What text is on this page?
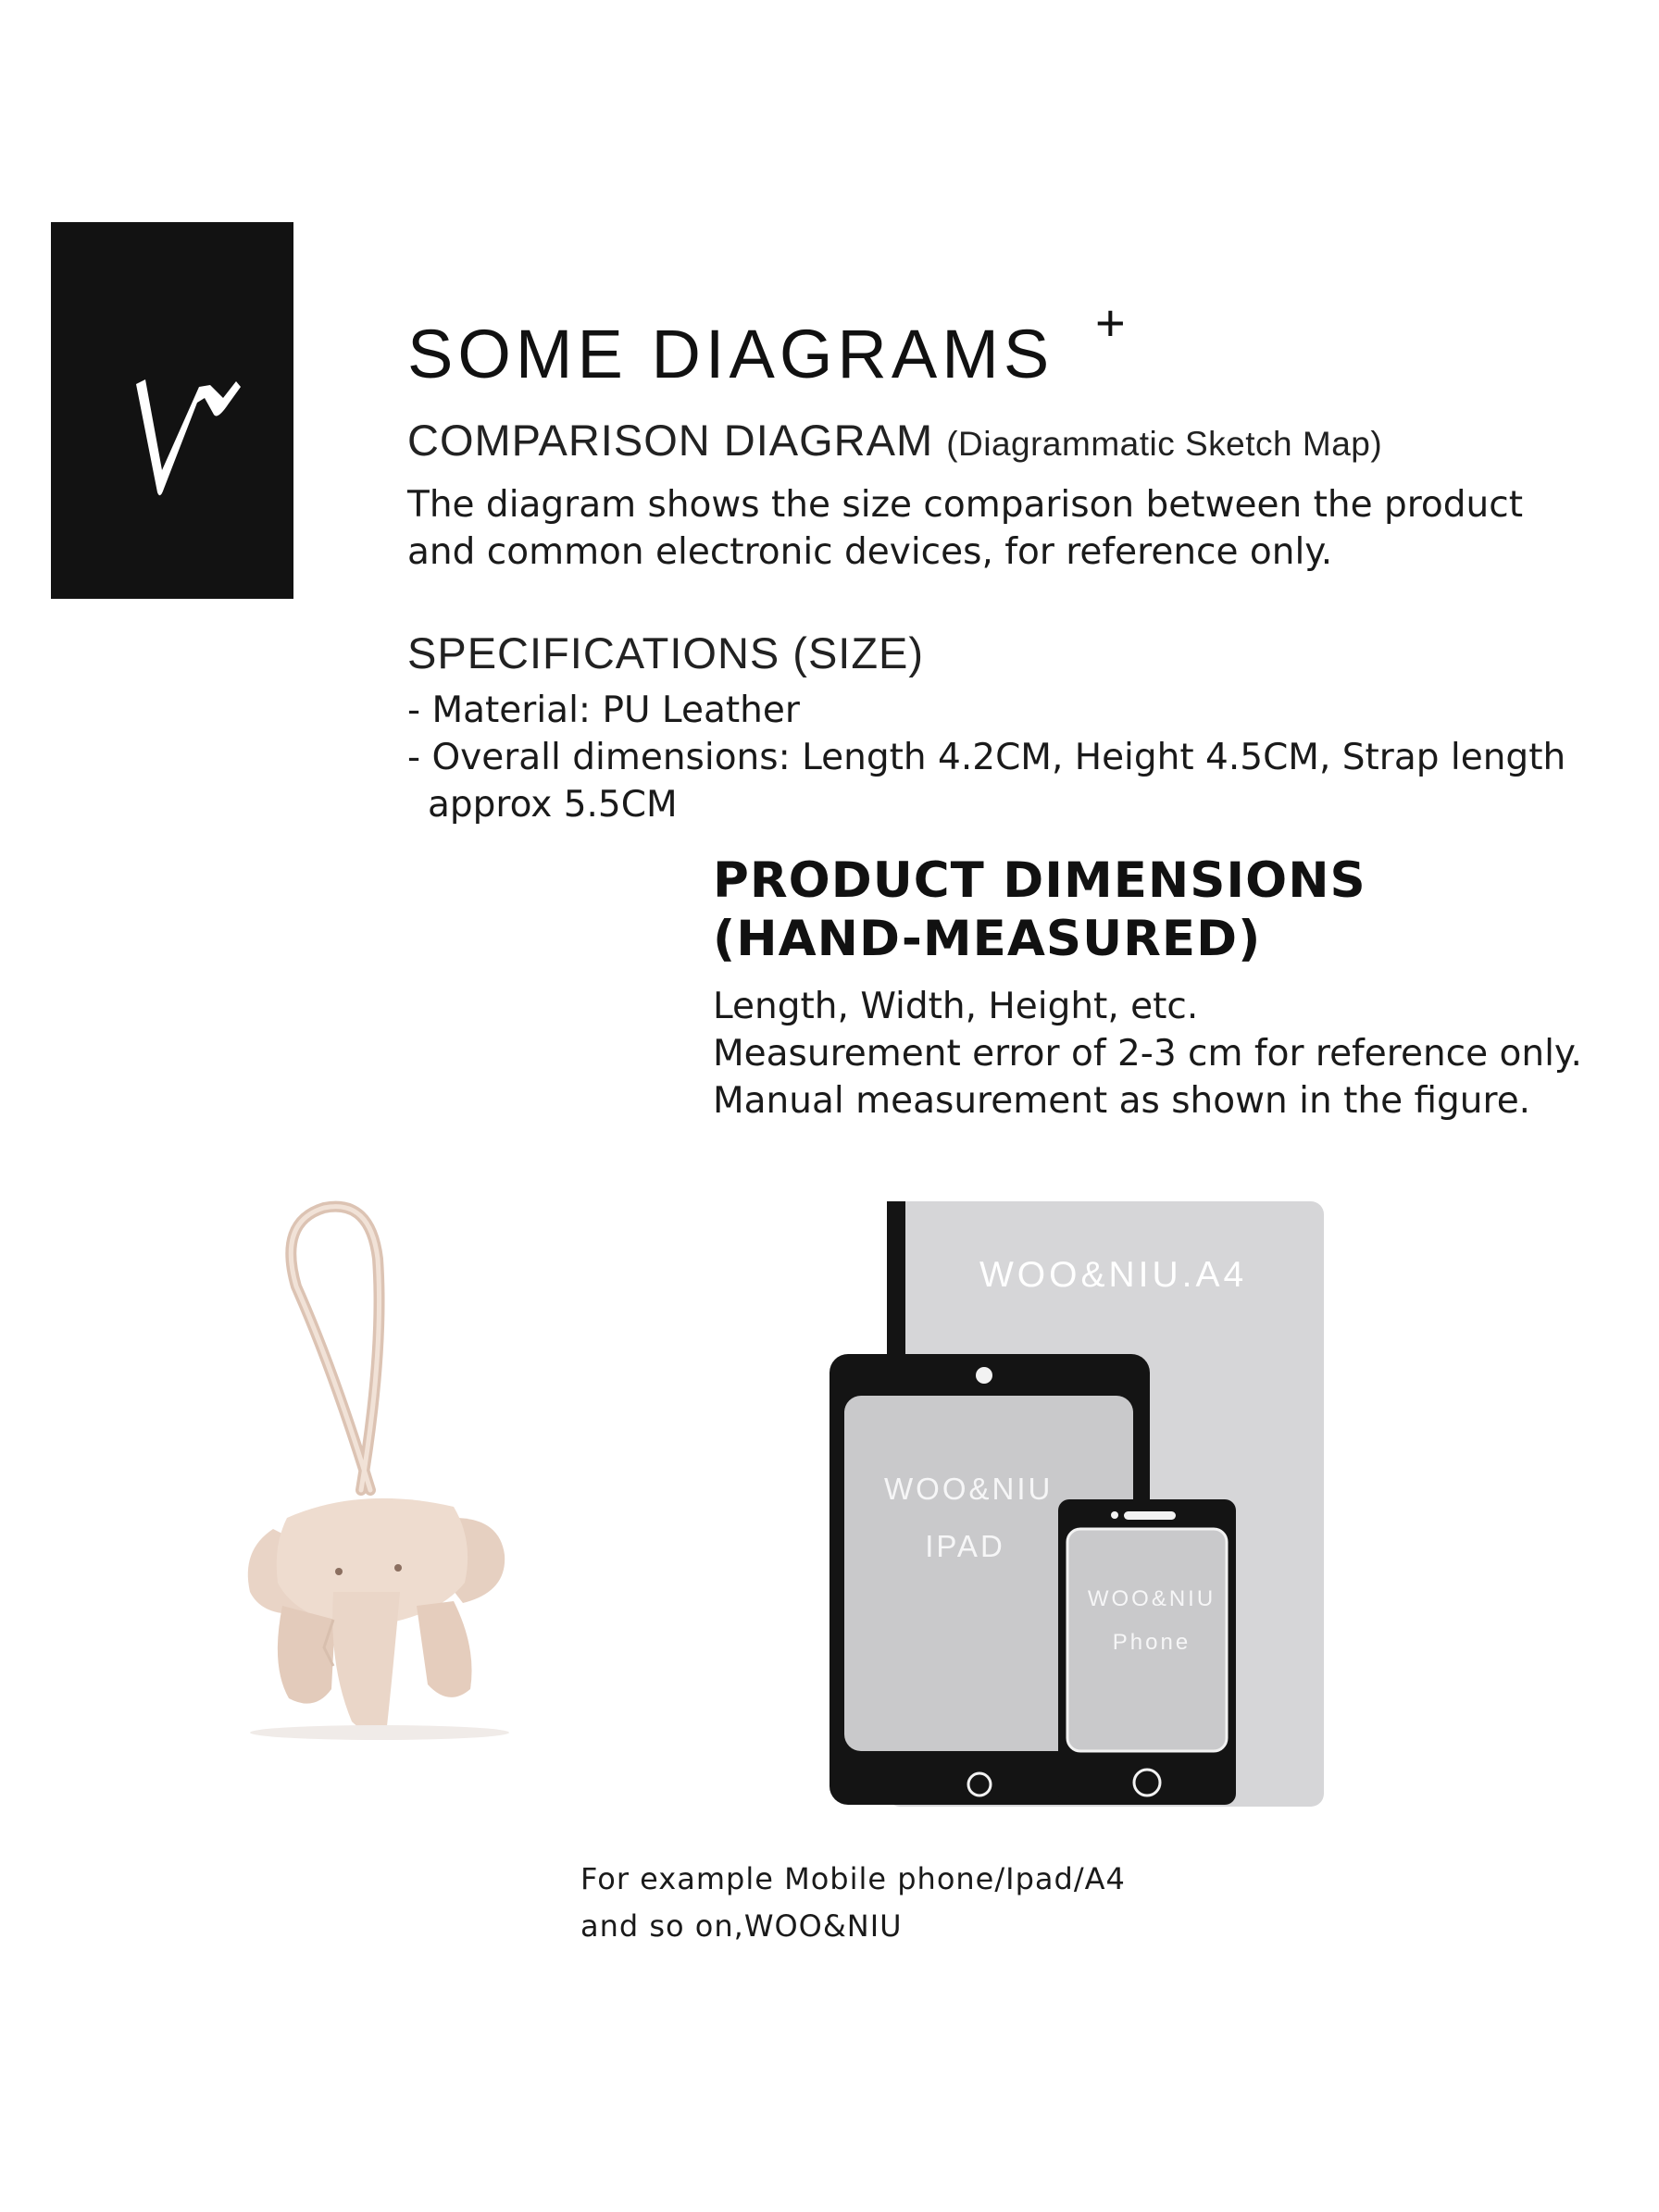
SOME DIAGRAMS +
COMPARISON DIAGRAM (Diagrammatic Sketch Map)

The diagram shows the size comparison between the product

and common electronic devices, for reference only.

SPECIFICATIONS (SIZE)

- Material: PU Leather

- Overall dimensions: Length 4.2CM, Height 4.5CM, Strap length

approx 5.5CM

PRODUCT DIMENSIONS

(HAND-MEASURED)

Length, Width, Height, etc.

Measurement error of 2-3 cm for reference only.

Manual measurement as shown in the figure.

WOO&NIU.A4
WOO&NIU
IPAD
WOO&NIU
Phone

For example Mobile phone/Ipad/A4

and so on,WOO&NIU
